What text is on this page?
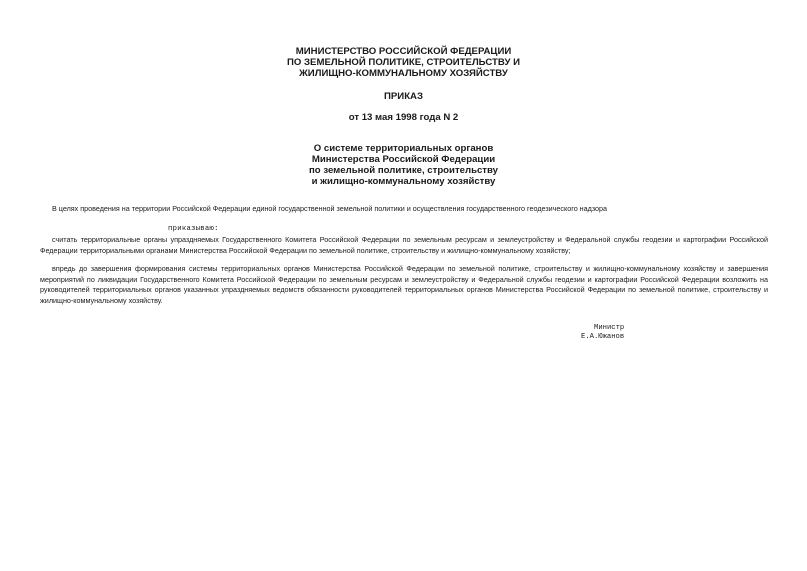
МИНИСТЕРСТВО РОССИЙСКОЙ ФЕДЕРАЦИИ
ПО ЗЕМЕЛЬНОЙ ПОЛИТИКЕ, СТРОИТЕЛЬСТВУ И
ЖИЛИЩНО-КОММУНАЛЬНОМУ ХОЗЯЙСТВУ
ПРИКАЗ
от 13 мая 1998 года N 2
О системе территориальных органов
Министерства Российской Федерации
по земельной политике, строительству
и жилищно-коммунальному хозяйству
В целях проведения на территории Российской Федерации единой государственной земельной политики и осуществления государственного геодезического надзора
приказываю:
считать территориальные органы упраздняемых Государственного Комитета Российской Федерации по земельным ресурсам и землеустройству и Федеральной службы геодезии и картографии Российской Федерации территориальными органами Министерства Российской Федерации по земельной политике, строительству и жилищно-коммунальному хозяйству;
впредь до завершения формирования системы территориальных органов Министерства Российской Федерации по земельной политике, строительству и жилищно-коммунальному хозяйству и завершения мероприятий по ликвидации Государственного Комитета Российской Федерации по земельным ресурсам и землеустройству и Федеральной службы геодезии и картографии Российской Федерации возложить на руководителей территориальных органов указанных упраздняемых ведомств обязанности руководителей территориальных органов Министерства Российской Федерации по земельной политике, строительству и жилищно-коммунальному хозяйству.
Министр
Е.А.Южанов
